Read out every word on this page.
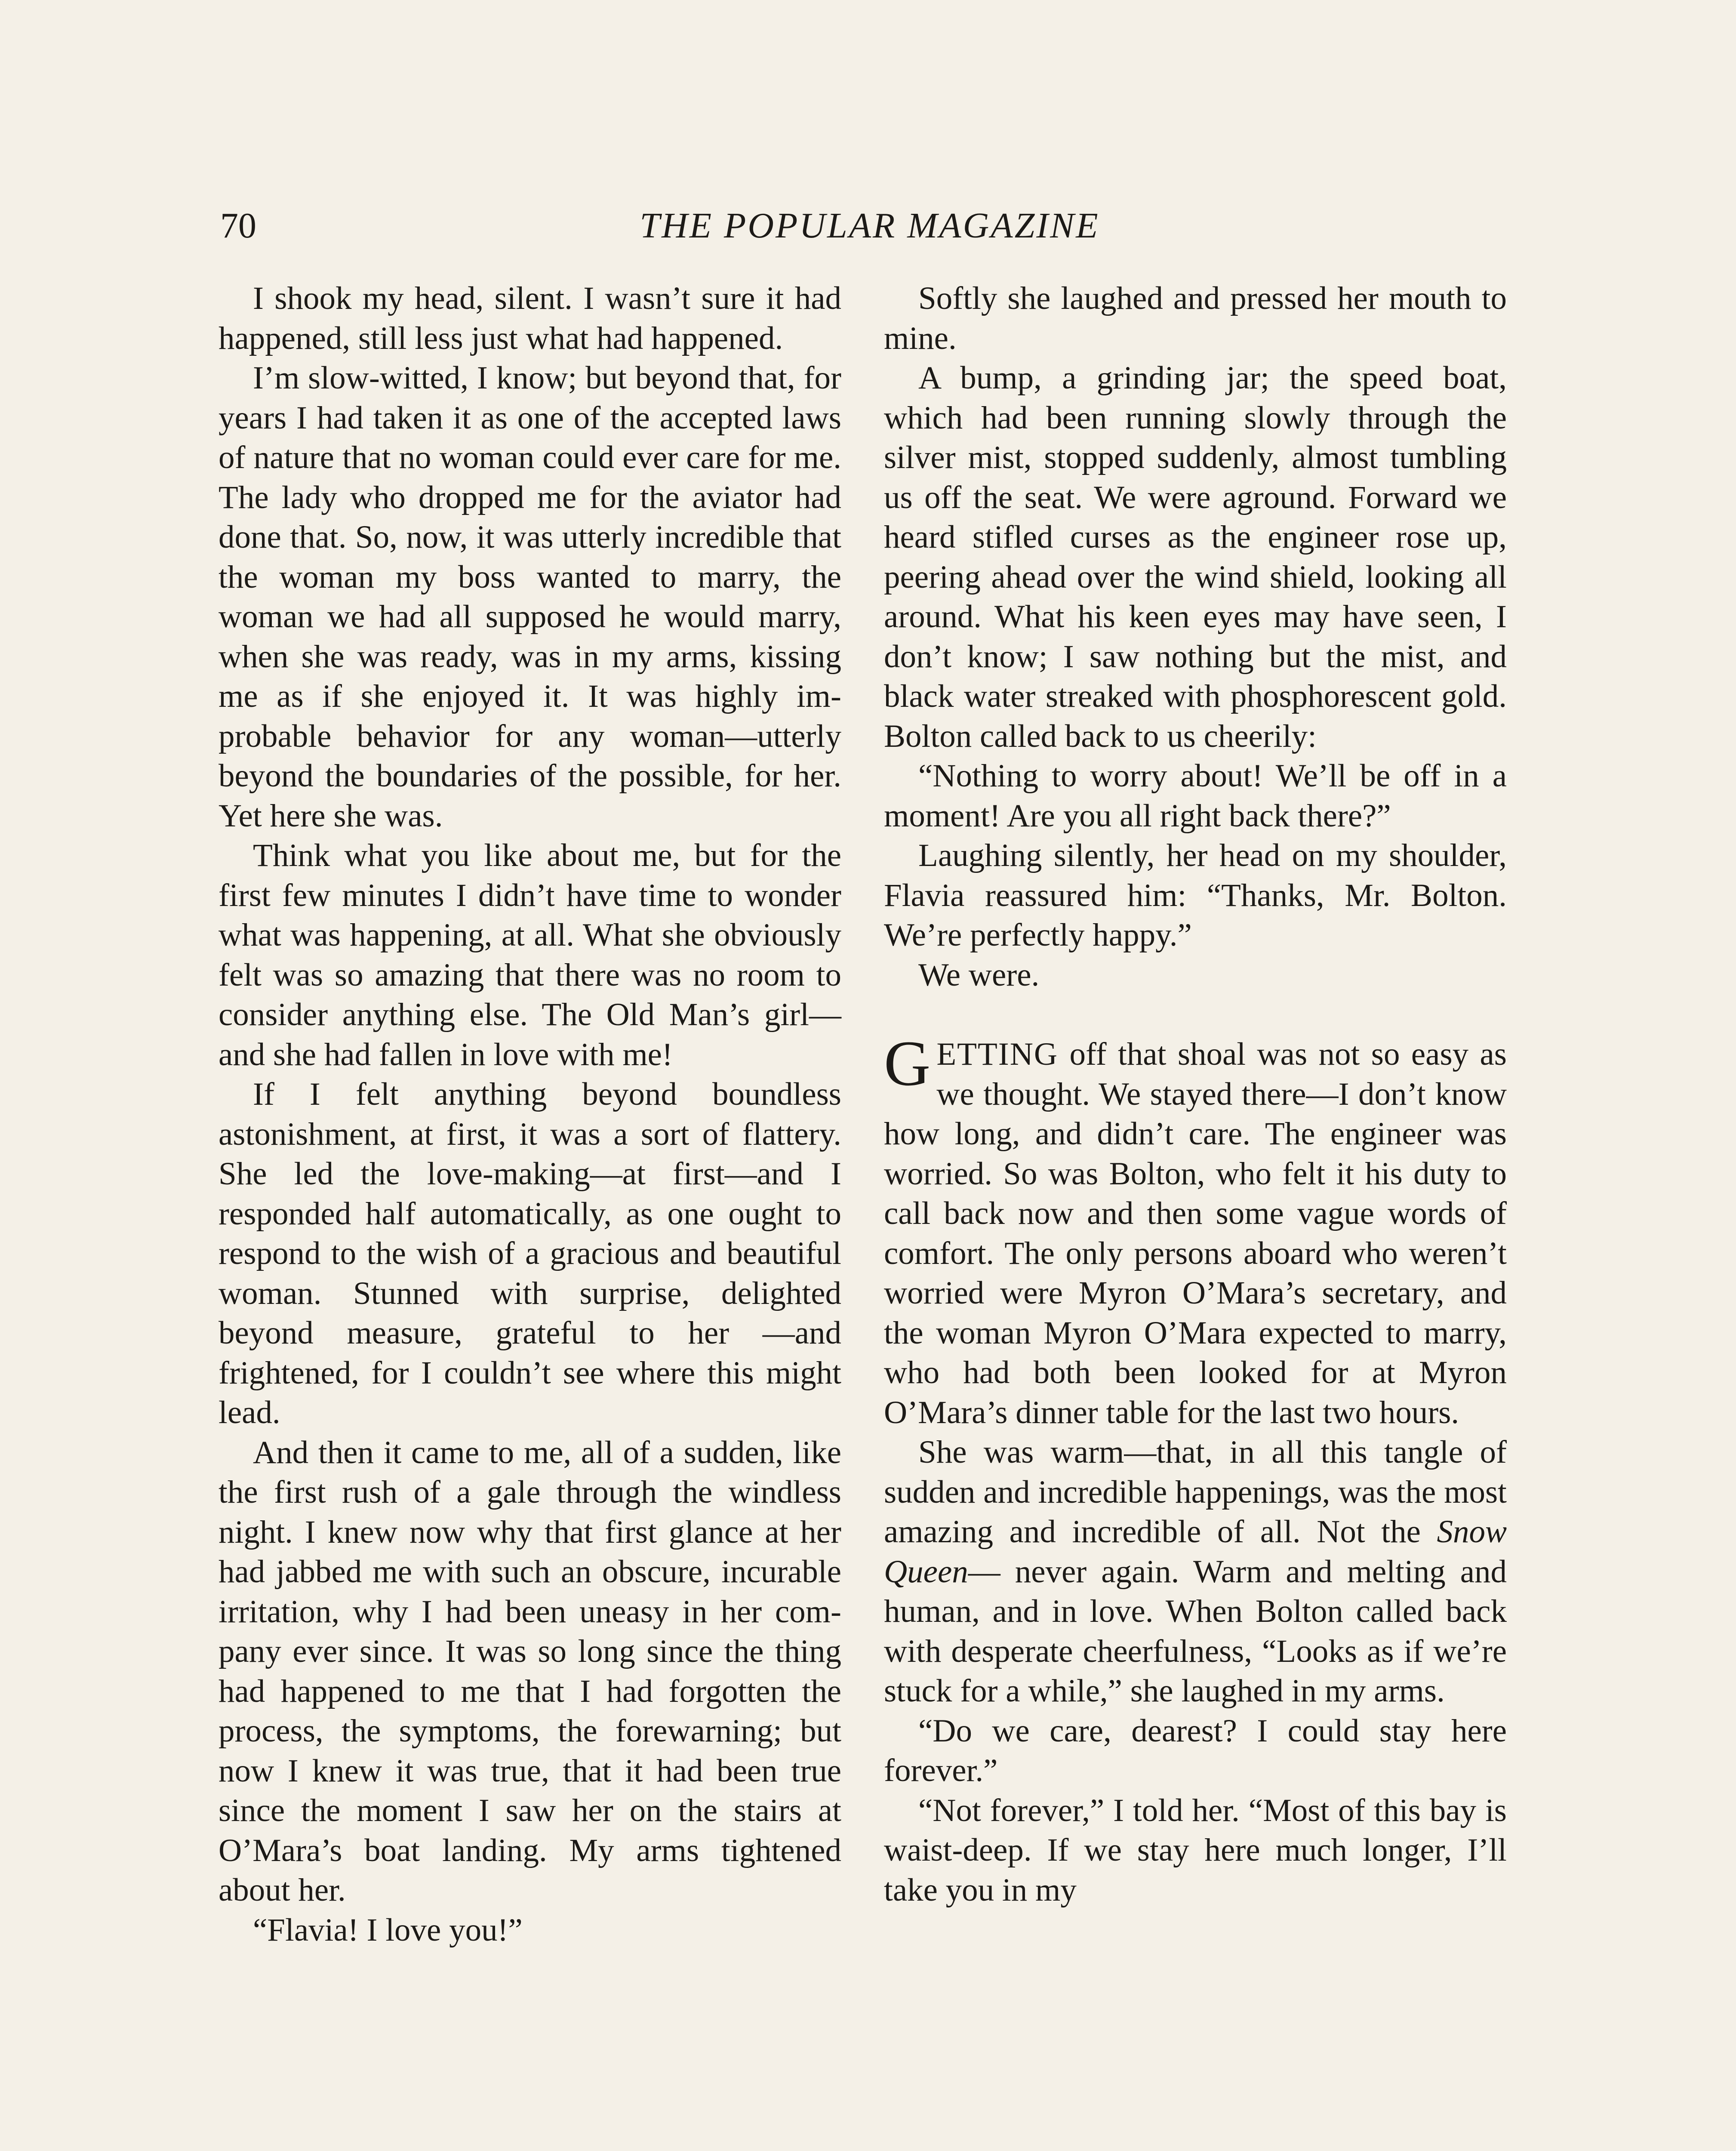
70	THE POPULAR MAGAZINE

I shook my head, silent. I wasn’t sure it had happened, still less just what had happened.

I’m slow-witted, I know; but beyond that, for years I had taken it as one of the accepted laws of nature that no woman could ever care for me. The lady who dropped me for the aviator had done that. So, now, it was utterly incredible that the woman my boss wanted to marry, the woman we had all supposed he would marry, when she was ready, was in my arms, kissing me as if she enjoyed it. It was highly improbable behavior for any woman—utterly beyond the boundaries of the possible, for her. Yet here she was.

Think what you like about me, but for the first few minutes I didn’t have time to wonder what was happening, at all. What she obviously felt was so amazing that there was no room to consider anything else. The Old Man’s girl—and she had fallen in love with me!

If I felt anything beyond boundless astonishment, at first, it was a sort of flattery. She led the love-making—at first—and I responded half automatically, as one ought to respond to the wish of a gracious and beautiful woman. Stunned with surprise, delighted beyond measure, grateful to her —and frightened, for I couldn’t see where this might lead.

And then it came to me, all of a sudden, like the first rush of a gale through the windless night. I knew now why that first glance at her had jabbed me with such an obscure, incurable irritation, why I had been uneasy in her company ever since. It was so long since the thing had happened to me that I had forgotten the process, the symptoms, the forewarning; but now I knew it was true, that it had been true since the moment I saw her on the stairs at O’Mara’s boat landing. My arms tightened about her.

“Flavia! I love you!”

Softly she laughed and pressed her mouth to mine.

A bump, a grinding jar; the speed boat, which had been running slowly through the silver mist, stopped suddenly, almost tumbling us off the seat. We were aground. Forward we heard stifled curses as the engineer rose up, peering ahead over the wind shield, looking all around. What his keen eyes may have seen, I don’t know; I saw nothing but the mist, and black water streaked with phosphorescent gold. Bolton called back to us cheerily:

“Nothing to worry about! We’ll be off in a moment! Are you all right back there?”

Laughing silently, her head on my shoulder, Flavia reassured him: “Thanks, Mr. Bolton. We’re perfectly happy.”

We were.

GETTING off that shoal was not so easy as we thought. We stayed there—I don’t know how long, and didn’t care. The engineer was worried. So was Bolton, who felt it his duty to call back now and then some vague words of comfort. The only persons aboard who weren’t worried were Myron O’Mara’s secretary, and the woman Myron O’Mara expected to marry, who had both been looked for at Myron O’Mara’s dinner table for the last two hours.

She was warm—that, in all this tangle of sudden and incredible happenings, was the most amazing and incredible of all. Not the Snow Queen— never again. Warm and melting and human, and in love. When Bolton called back with desperate cheerfulness, “Looks as if we’re stuck for a while,” she laughed in my arms.

“Do we care, dearest? I could stay here forever.”

“Not forever,” I told her. “Most of this bay is waist-deep. If we stay here much longer, I’ll take you in my
